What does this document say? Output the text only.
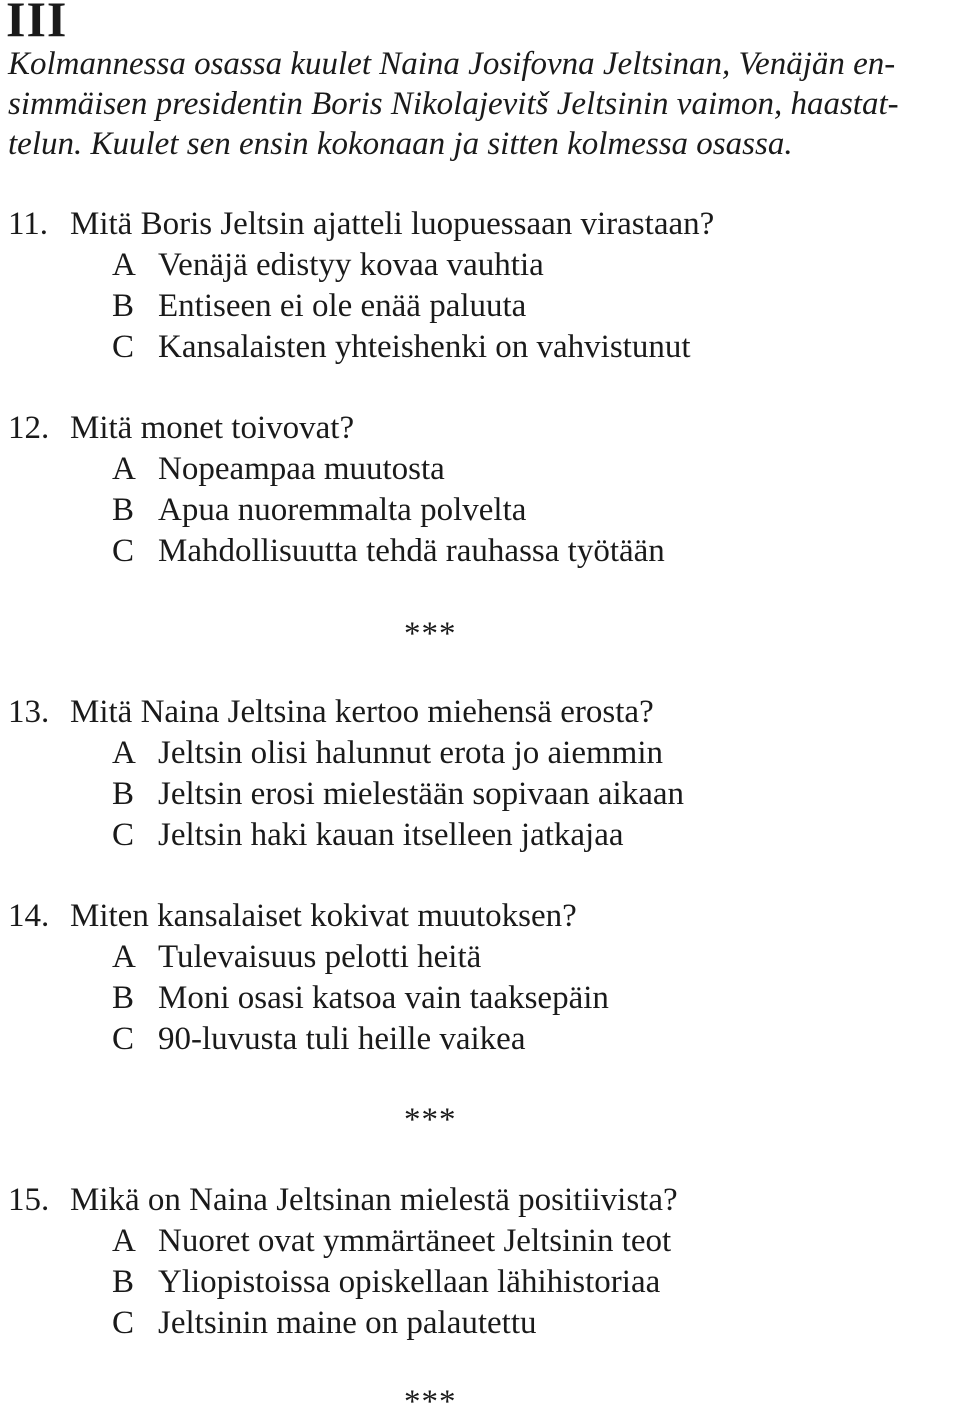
III

Kolmannessa osassa kuulet Naina Josifovna Jeltsinan, Venäjän en-
simmäisen presidentin Boris Nikolajevitš Jeltsinin vaimon, haastat-
telun. Kuulet sen ensin kokonaan ja sitten kolmessa osassa.

11. Mitä Boris Jeltsin ajatteli luopuessaan virastaan?
A Venäjä edistyy kovaa vauhtia
B Entiseen ei ole enää paluuta
C Kansalaisten yhteishenki on vahvistunut
12. Mitä monet toivovat?
A Nopeampaa muutosta
B Apua nuoremmalta polvelta
C Mahdollisuutta tehdä rauhassa työtään
***
13. Mitä Naina Jeltsina kertoo miehensä erosta?
A Jeltsin olisi halunnut erota jo aiemmin
B Jeltsin erosi mielestään sopivaan aikaan
C Jeltsin haki kauan itselleen jatkajaa
14. Miten kansalaiset kokivat muutoksen?
A Tulevaisuus pelotti heitä
B Moni osasi katsoa vain taaksepäin
C 90-luvusta tuli heille vaikea
***
15. Mikä on Naina Jeltsinan mielestä positiivista?
A Nuoret ovat ymmärtäneet Jeltsinin teot
B Yliopistoissa opiskellaan lähihistoriaa
C Jeltsinin maine on palautettu
***
